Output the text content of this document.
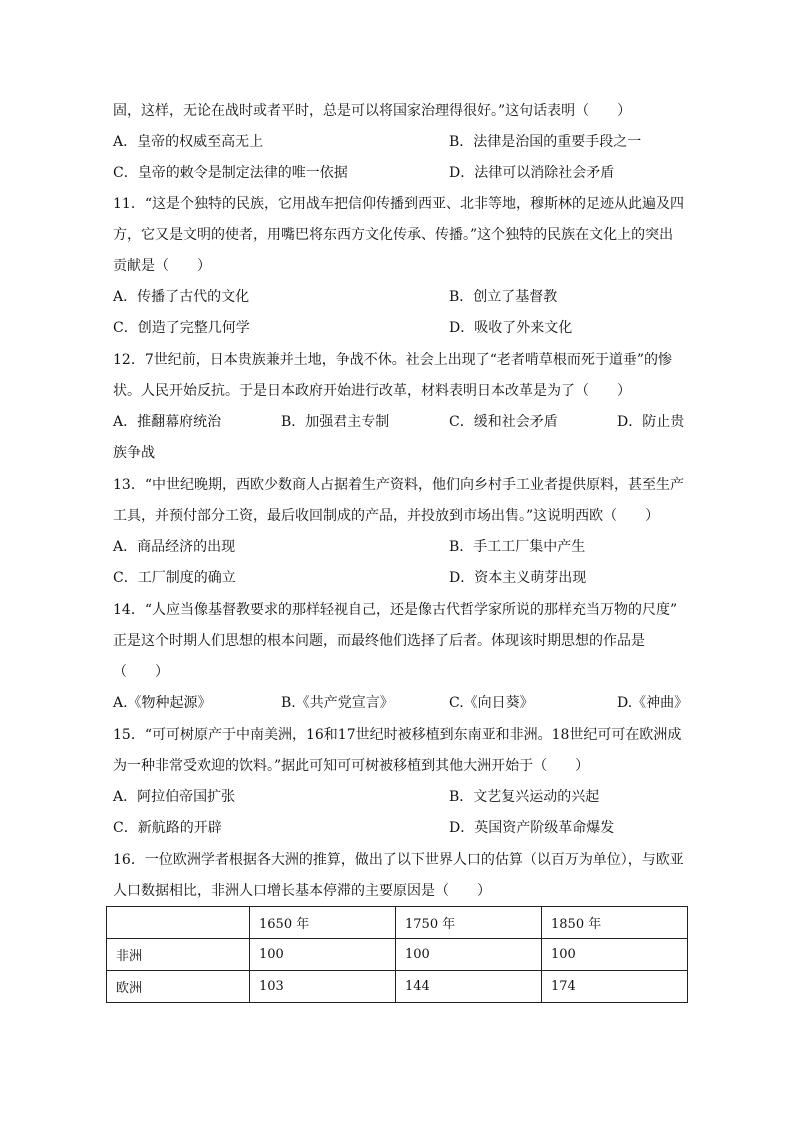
固，这样，无论在战时或者平时，总是可以将国家治理得很好。”这句话表明（　　）
A．皇帝的权威至高无上	B．法律是治国的重要手段之一
C．皇帝的敕令是制定法律的唯一依据	D．法律可以消除社会矛盾
11．“这是个独特的民族，它用战车把信仰传播到西亚、北非等地，穆斯林的足迹从此遍及四
方，它又是文明的使者，用嘴巴将东西方文化传承、传播。”这个独特的民族在文化上的突出
贡献是（　　）
A．传播了古代的文化	B．创立了基督教
C．创造了完整几何学	D．吸收了外来文化
12．7世纪前，日本贵族兼并土地，争战不休。社会上出现了“老者啃草根而死于道垂”的惨
状。人民开始反抗。于是日本政府开始进行改革，材料表明日本改革是为了（　　）
A．推翻幕府统治	B．加强君主专制	C．缓和社会矛盾	D．防止贵
族争战
13．“中世纪晚期，西欧少数商人占据着生产资料，他们向乡村手工业者提供原料，甚至生产
工具，并预付部分工资，最后收回制成的产品，并投放到市场出售。”这说明西欧（　　）
A．商品经济的出现	B．手工工厂集中产生
C．工厂制度的确立	D．资本主义萌芽出现
14．“人应当像基督教要求的那样轻视自己，还是像古代哲学家所说的那样充当万物的尺度”
正是这个时期人们思想的根本问题，而最终他们选择了后者。体现该时期思想的作品是
（　　）
A.《物种起源》	B.《共产党宣言》	C.《向日葵》	D.《神曲》
15．“可可树原产于中南美洲，16和17世纪时被移植到东南亚和非洲。18世纪可可在欧洲成
为一种非常受欢迎的饮料。”据此可知可可树被移植到其他大洲开始于（　　）
A．阿拉伯帝国扩张	B．文艺复兴运动的兴起
C．新航路的开辟	D．英国资产阶级革命爆发
16．一位欧洲学者根据各大洲的推算，做出了以下世界人口的估算（以百万为单位），与欧亚
人口数据相比，非洲人口增长基本停滞的主要原因是（　　）
	1650 年	1750 年	1850 年
非洲	100	100	100
欧洲	103	144	174
